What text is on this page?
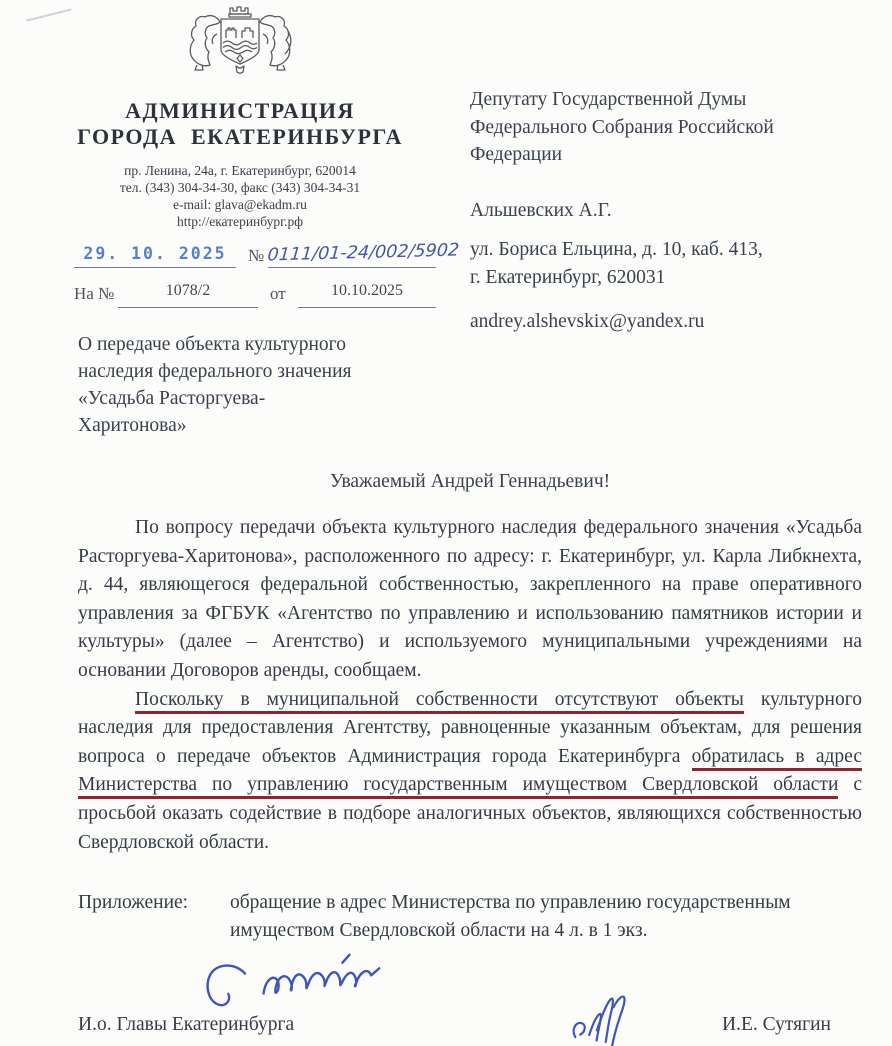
АДМИНИСТРАЦИЯ
ГОРОДА ЕКАТЕРИНБУРГА
пр. Ленина, 24а, г. Екатеринбург, 620014
тел. (343) 304-34-30, факс (343) 304-34-31
e-mail: glava@ekadm.ru
http://екатеринбург.рф
29. 10. 2025	№ 0111/01-24/002/5902
На №	1078/2	от	10.10.2025
О передаче объекта культурного
наследия федерального значения
«Усадьба Расторгуева-
Харитонова»
Депутату Государственной Думы
Федерального Собрания Российской
Федерации
Альшевских А.Г.
ул. Бориса Ельцина, д. 10, каб. 413,
г. Екатеринбург, 620031
andrey.alshevskix@yandex.ru
Уважаемый Андрей Геннадьевич!

По вопросу передачи объекта культурного наследия федерального значения «Усадьба Расторгуева-Харитонова», расположенного по адресу: г. Екатеринбург, ул. Карла Либкнехта, д. 44, являющегося федеральной собственностью, закрепленного на праве оперативного управления за ФГБУК «Агентство по управлению и использованию памятников истории и культуры» (далее – Агентство) и используемого муниципальными учреждениями на основании Договоров аренды, сообщаем.

Поскольку в муниципальной собственности отсутствуют объекты культурного наследия для предоставления Агентству, равноценные указанным объектам, для решения вопроса о передаче объектов Администрация города Екатеринбурга обратилась в адрес Министерства по управлению государственным имуществом Свердловской области с просьбой оказать содействие в подборе аналогичных объектов, являющихся собственностью Свердловской области.

Приложение:	обращение в адрес Министерства по управлению государственным имуществом Свердловской области на 4 л. в 1 экз.
И.о. Главы Екатеринбурга	И.Е. Сутягин
